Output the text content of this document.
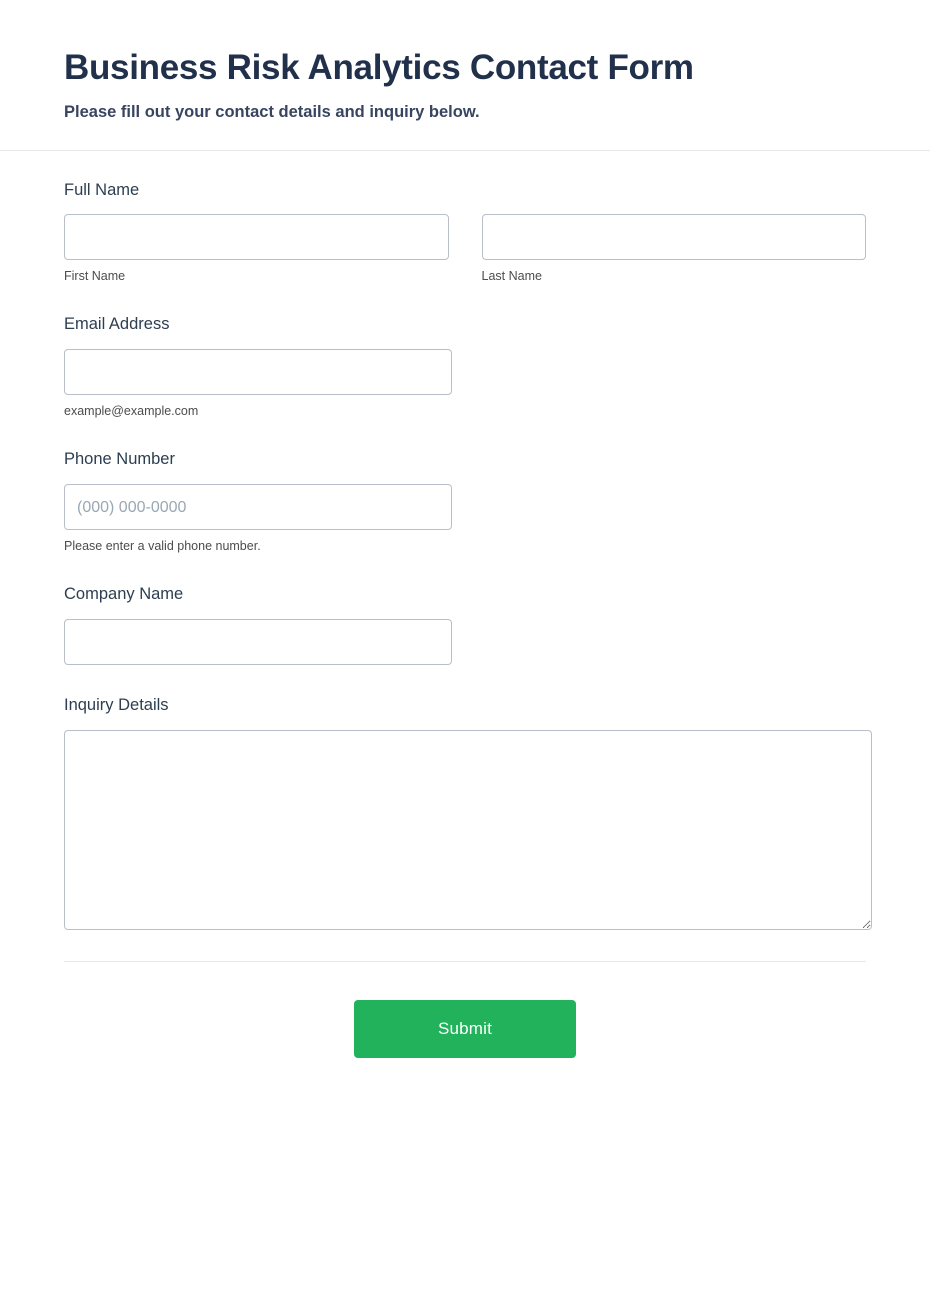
Business Risk Analytics Contact Form

Please fill out your contact details and inquiry below.

Full Name
First Name	Last Name
Email Address
example@example.com
Phone Number
(000) 000-0000
Please enter a valid phone number.
Company Name
Inquiry Details
Submit
